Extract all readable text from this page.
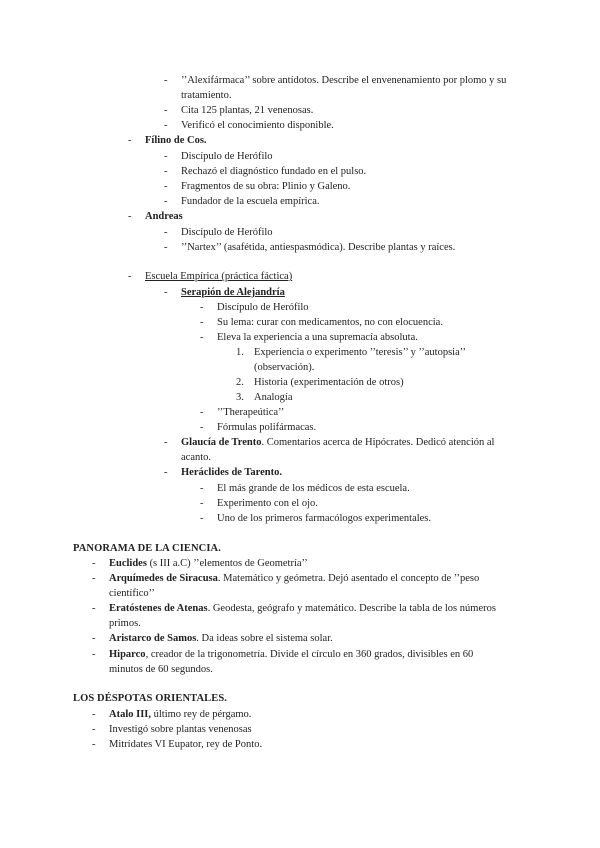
- ’’Alexifármaca’’ sobre antídotos. Describe el envenenamiento por plomo y su
tratamiento.
- Cita 125 plantas, 21 venenosas.
- Verificó el conocimiento disponible.
- Fílino de Cos.
- Discípulo de Herófilo
- Rechazó el diagnóstico fundado en el pulso.
- Fragmentos de su obra: Plinio y Galeno.
- Fundador de la escuela empírica.
- Andreas
- Discípulo de Herófilo
- ’’Nartex’’ (asafétida, antiespasmódica). Describe plantas y raíces.
- Escuela Empírica (práctica fáctica)
- Serapión de Alejandría
- Discípulo de Herófilo
- Su lema: curar con medicamentos, no con elocuencia.
- Eleva la experiencia a una supremacía absoluta.
1. Experiencia o experimento ’’teresis’’ y ’’autopsia’’
(observación).
2. Historia (experimentación de otros)
3. Analogía
- ’’Therapeútica’’
- Fórmulas polifármacas.
- Glaucía de Trento. Comentarios acerca de Hipócrates. Dedicó atención al
acanto.
- Heráclides de Tarento.
- El más grande de los médicos de esta escuela.
- Experimento con el ojo.
- Uno de los primeros farmacólogos experimentales.
PANORAMA DE LA CIENCIA.
- Euclides (s III a.C) ’’elementos de Geometría’’
- Arquímedes de Siracusa. Matemático y geómetra. Dejó asentado el concepto de ’’peso
científico’’
- Eratóstenes de Atenas. Geodesta, geógrafo y matemático. Describe la tabla de los números
primos.
- Aristarco de Samos. Da ideas sobre el sistema solar.
- Hiparco, creador de la trigonometría. Divide el círculo en 360 grados, divisibles en 60
minutos de 60 segundos.
LOS DÉSPOTAS ORIENTALES.
- Atalo III, último rey de pérgamo.
- Investigó sobre plantas venenosas
- Mitrídates VI Eupator, rey de Ponto.
